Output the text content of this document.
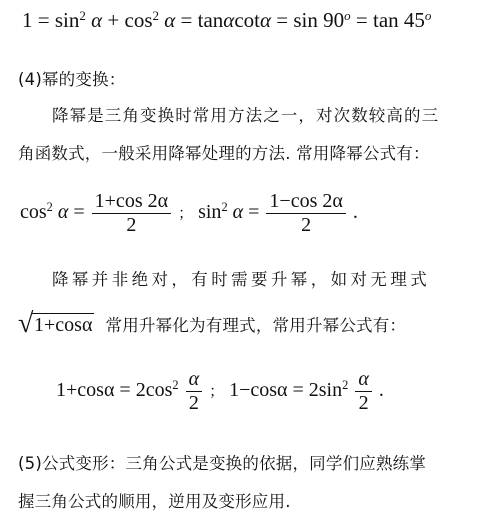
$1 = \sin^2 \alpha + \cos^2 \alpha = \tan\alpha\cot\alpha = \sin 90^o = \tan 45^o$
(4)幂的变换：
降幂是三角变换时常用方法之一，对次数较高的三
角函数式，一般采用降幂处理的方法. 常用降幂公式有：
$\cos^2 \alpha = \frac{1+\cos 2\alpha}{2}$ ； $\sin^2 \alpha = \frac{1-\cos 2\alpha}{2}$ .
降幂并非绝对，有时需要升幂，如对无理式
√ 1+cosα 常用升幂化为有理式，常用升幂公式有：
$1+\cos\alpha = 2\cos^2 \frac{\alpha}{2}$ ； $1-\cos\alpha = 2\sin^2 \frac{\alpha}{2}$ .
(5)公式变形：三角公式是变换的依据，同学们应熟练掌
握三角公式的顺用，逆用及变形应用.
